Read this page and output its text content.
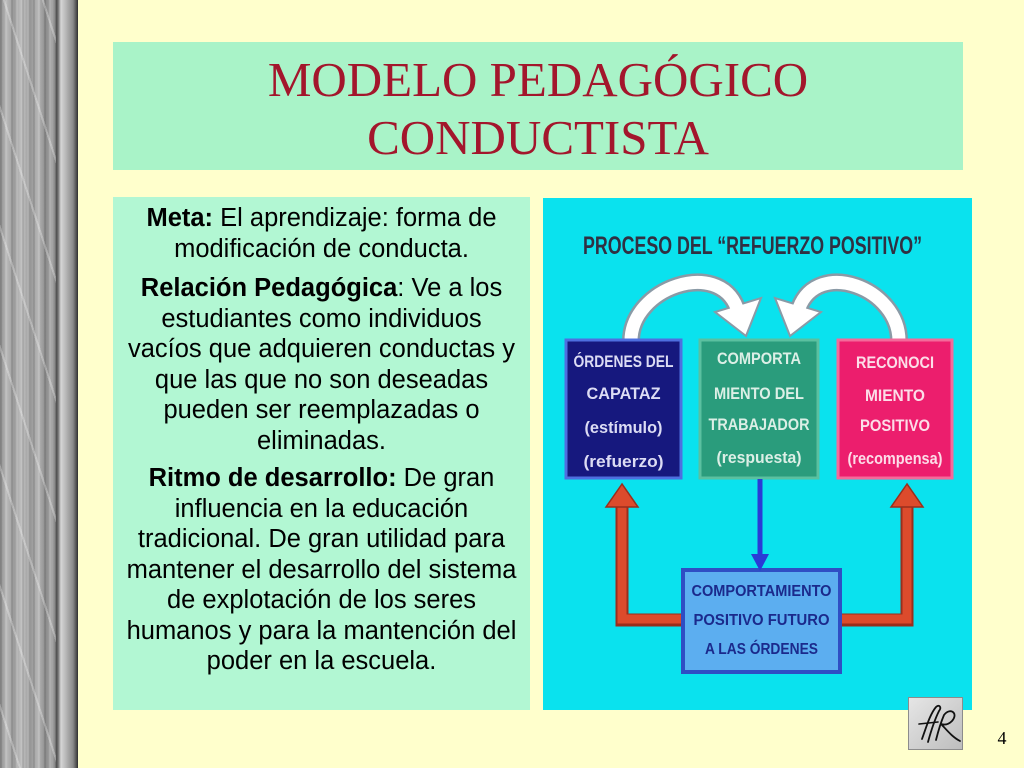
MODELO PEDAGÓGICO
CONDUCTISTA
Meta: El aprendizaje: forma de
modificación de conducta.
Relación Pedagógica: Ve a los
estudiantes como individuos
vacíos que adquieren conductas y
que las que no son deseadas
pueden ser reemplazadas o
eliminadas.
Ritmo de desarrollo: De gran
influencia en la educación
tradicional. De gran utilidad para
mantener el desarrollo del sistema
de explotación de los seres
humanos y para la mantención del
poder en la escuela.
PROCESO DEL “REFUERZO POSITIVO”
ÓRDENES DEL
CAPATAZ
(estímulo)
(refuerzo)
COMPORTA
MIENTO DEL
TRABAJADOR
(respuesta)
RECONOCI
MIENTO
POSITIVO
(recompensa)
COMPORTAMIENTO
POSITIVO FUTURO
A LAS ÓRDENES
4
